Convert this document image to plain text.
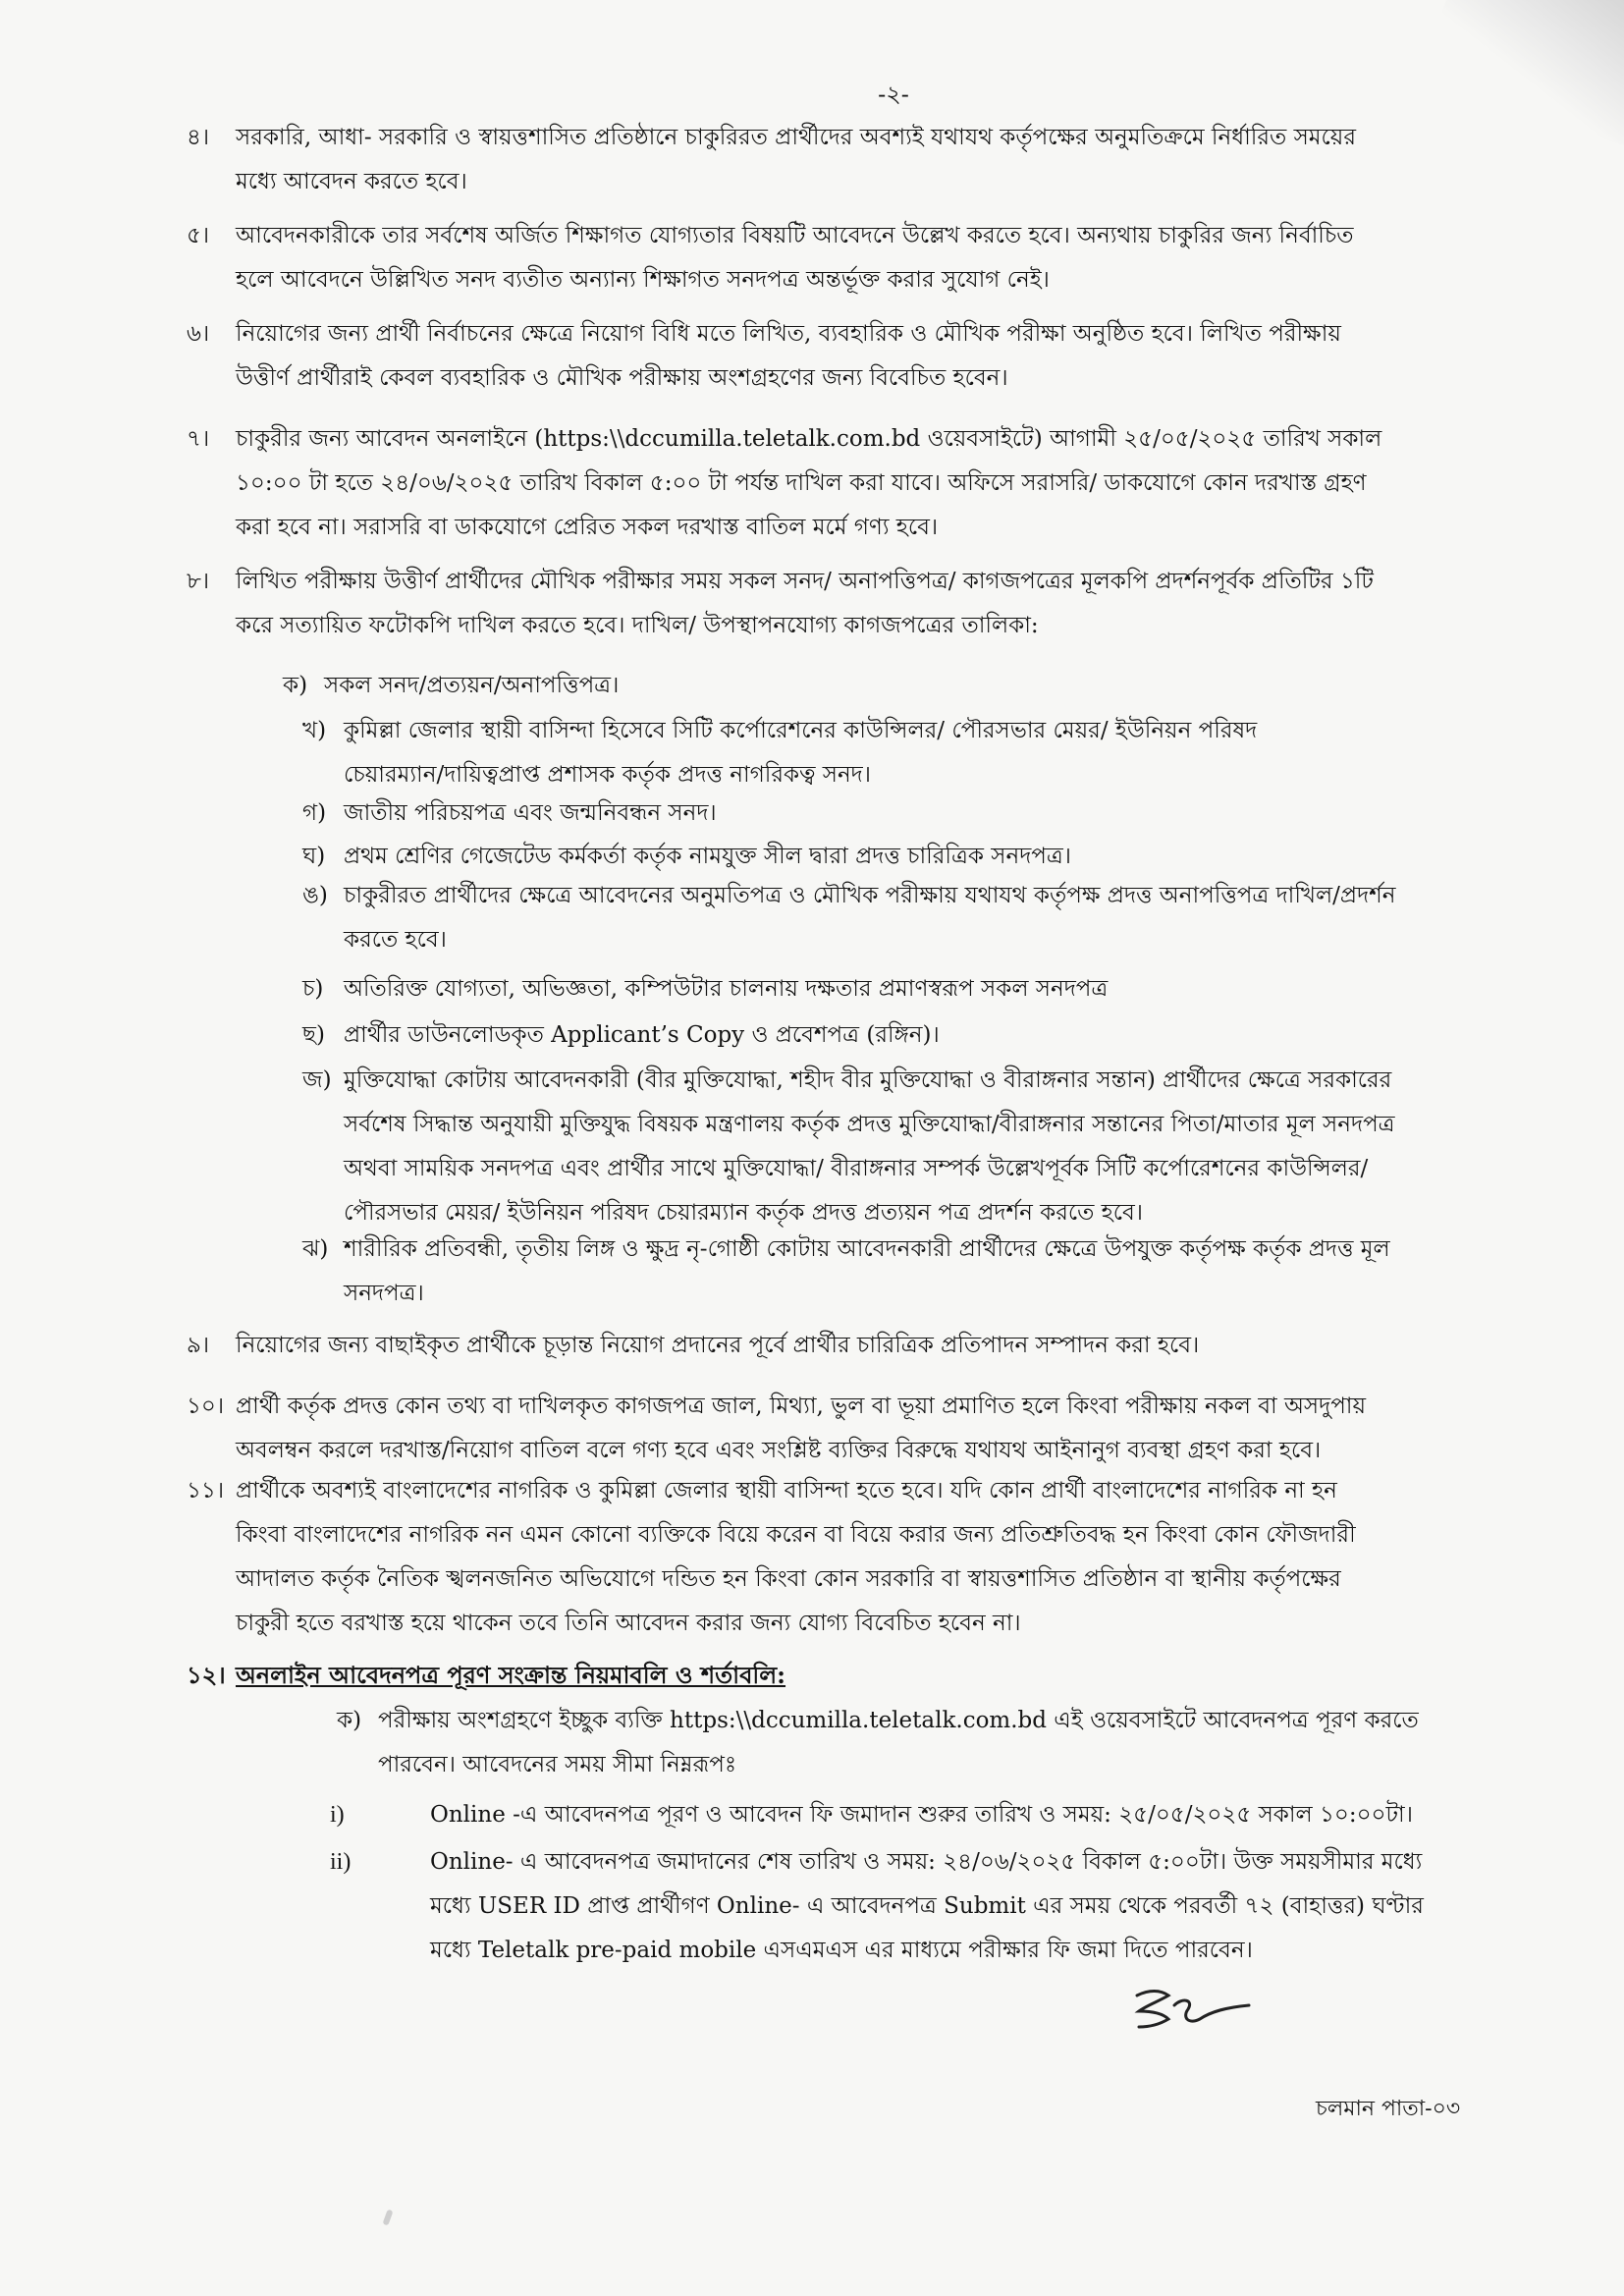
-২-
৪।	সরকারি, আধা- সরকারি ও স্বায়ত্তশাসিত প্রতিষ্ঠানে চাকুরিরত প্রার্থীদের অবশ্যই যথাযথ কর্তৃপক্ষের অনুমতিক্রমে নির্ধারিত সময়ের
মধ্যে আবেদন করতে হবে।
৫।	আবেদনকারীকে তার সর্বশেষ অর্জিত শিক্ষাগত যোগ্যতার বিষয়টি আবেদনে উল্লেখ করতে হবে। অন্যথায় চাকুরির জন্য নির্বাচিত
হলে আবেদনে উল্লিখিত সনদ ব্যতীত অন্যান্য শিক্ষাগত সনদপত্র অন্তর্ভূক্ত করার সুযোগ নেই।
৬।	নিয়োগের জন্য প্রার্থী নির্বাচনের ক্ষেত্রে নিয়োগ বিধি মতে লিখিত, ব্যবহারিক ও মৌখিক পরীক্ষা অনুষ্ঠিত হবে। লিখিত পরীক্ষায়
উত্তীর্ণ প্রার্থীরাই কেবল ব্যবহারিক ও মৌখিক পরীক্ষায় অংশগ্রহণের জন্য বিবেচিত হবেন।
৭।	চাকুরীর জন্য আবেদন অনলাইনে (https:\\dccumilla.teletalk.com.bd ওয়েবসাইটে) আগামী ২৫/০৫/২০২৫ তারিখ সকাল
১০:০০ টা হতে ২৪/০৬/২০২৫ তারিখ বিকাল ৫:০০ টা পর্যন্ত দাখিল করা যাবে। অফিসে সরাসরি/ ডাকযোগে কোন দরখাস্ত গ্রহণ
করা হবে না। সরাসরি বা ডাকযোগে প্রেরিত সকল দরখাস্ত বাতিল মর্মে গণ্য হবে।
৮।	লিখিত পরীক্ষায় উত্তীর্ণ প্রার্থীদের মৌখিক পরীক্ষার সময় সকল সনদ/ অনাপত্তিপত্র/ কাগজপত্রের মূলকপি প্রদর্শনপূর্বক প্রতিটির ১টি
করে সত্যায়িত ফটোকপি দাখিল করতে হবে। দাখিল/ উপস্থাপনযোগ্য কাগজপত্রের তালিকা:
ক) সকল সনদ/প্রত্যয়ন/অনাপত্তিপত্র।
খ) কুমিল্লা জেলার স্থায়ী বাসিন্দা হিসেবে সিটি কর্পোরেশনের কাউন্সিলর/ পৌরসভার মেয়র/ ইউনিয়ন পরিষদ
চেয়ারম্যান/দায়িত্বপ্রাপ্ত প্রশাসক কর্তৃক প্রদত্ত নাগরিকত্ব সনদ।
গ) জাতীয় পরিচয়পত্র এবং জন্মনিবন্ধন সনদ।
ঘ) প্রথম শ্রেণির গেজেটেড কর্মকর্তা কর্তৃক নামযুক্ত সীল দ্বারা প্রদত্ত চারিত্রিক সনদপত্র।
ঙ) চাকুরীরত প্রার্থীদের ক্ষেত্রে আবেদনের অনুমতিপত্র ও মৌখিক পরীক্ষায় যথাযথ কর্তৃপক্ষ প্রদত্ত অনাপত্তিপত্র দাখিল/প্রদর্শন
করতে হবে।
চ) অতিরিক্ত যোগ্যতা, অভিজ্ঞতা, কম্পিউটার চালনায় দক্ষতার প্রমাণস্বরূপ সকল সনদপত্র
ছ) প্রার্থীর ডাউনলোডকৃত Applicant’s Copy ও প্রবেশপত্র (রঙ্গিন)।
জ) মুক্তিযোদ্ধা কোটায় আবেদনকারী (বীর মুক্তিযোদ্ধা, শহীদ বীর মুক্তিযোদ্ধা ও বীরাঙ্গনার সন্তান) প্রার্থীদের ক্ষেত্রে সরকারের
সর্বশেষ সিদ্ধান্ত অনুযায়ী মুক্তিযুদ্ধ বিষয়ক মন্ত্রণালয় কর্তৃক প্রদত্ত মুক্তিযোদ্ধা/বীরাঙ্গনার সন্তানের পিতা/মাতার মূল সনদপত্র
অথবা সাময়িক সনদপত্র এবং প্রার্থীর সাথে মুক্তিযোদ্ধা/ বীরাঙ্গনার সম্পর্ক উল্লেখপূর্বক সিটি কর্পোরেশনের কাউন্সিলর/
পৌরসভার মেয়র/ ইউনিয়ন পরিষদ চেয়ারম্যান কর্তৃক প্রদত্ত প্রত্যয়ন পত্র প্রদর্শন করতে হবে।
ঝ) শারীরিক প্রতিবন্ধী, তৃতীয় লিঙ্গ ও ক্ষুদ্র নৃ-গোষ্ঠী কোটায় আবেদনকারী প্রার্থীদের ক্ষেত্রে উপযুক্ত কর্তৃপক্ষ কর্তৃক প্রদত্ত মূল
সনদপত্র।
৯।	নিয়োগের জন্য বাছাইকৃত প্রার্থীকে চূড়ান্ত নিয়োগ প্রদানের পূর্বে প্রার্থীর চারিত্রিক প্রতিপাদন সম্পাদন করা হবে।
১০। প্রার্থী কর্তৃক প্রদত্ত কোন তথ্য বা দাখিলকৃত কাগজপত্র জাল, মিথ্যা, ভুল বা ভূয়া প্রমাণিত হলে কিংবা পরীক্ষায় নকল বা অসদুপায়
অবলম্বন করলে দরখাস্ত/নিয়োগ বাতিল বলে গণ্য হবে এবং সংশ্লিষ্ট ব্যক্তির বিরুদ্ধে যথাযথ আইনানুগ ব্যবস্থা গ্রহণ করা হবে।
১১। প্রার্থীকে অবশ্যই বাংলাদেশের নাগরিক ও কুমিল্লা জেলার স্থায়ী বাসিন্দা হতে হবে। যদি কোন প্রার্থী বাংলাদেশের নাগরিক না হন
কিংবা বাংলাদেশের নাগরিক নন এমন কোনো ব্যক্তিকে বিয়ে করেন বা বিয়ে করার জন্য প্রতিশ্রুতিবদ্ধ হন কিংবা কোন ফৌজদারী
আদালত কর্তৃক নৈতিক স্খলনজনিত অভিযোগে দন্ডিত হন কিংবা কোন সরকারি বা স্বায়ত্তশাসিত প্রতিষ্ঠান বা স্থানীয় কর্তৃপক্ষের
চাকুরী হতে বরখাস্ত হয়ে থাকেন তবে তিনি আবেদন করার জন্য যোগ্য বিবেচিত হবেন না।
১২। অনলাইন আবেদনপত্র পূরণ সংক্রান্ত নিয়মাবলি ও শর্তাবলি:
ক) পরীক্ষায় অংশগ্রহণে ইচ্ছুক ব্যক্তি https:\\dccumilla.teletalk.com.bd এই ওয়েবসাইটে আবেদনপত্র পূরণ করতে
পারবেন। আবেদনের সময় সীমা নিম্নরূপঃ
i)	Online -এ আবেদনপত্র পূরণ ও আবেদন ফি জমাদান শুরুর তারিখ ও সময়: ২৫/০৫/২০২৫ সকাল ১০:০০টা।
ii)	Online- এ আবেদনপত্র জমাদানের শেষ তারিখ ও সময়: ২৪/০৬/২০২৫ বিকাল ৫:০০টা। উক্ত সময়সীমার মধ্যে
মধ্যে USER ID প্রাপ্ত প্রার্থীগণ Online- এ আবেদনপত্র Submit এর সময় থেকে পরবর্তী ৭২ (বাহাত্তর) ঘণ্টার
মধ্যে Teletalk pre-paid mobile এসএমএস এর মাধ্যমে পরীক্ষার ফি জমা দিতে পারবেন।
চলমান পাতা-০৩
